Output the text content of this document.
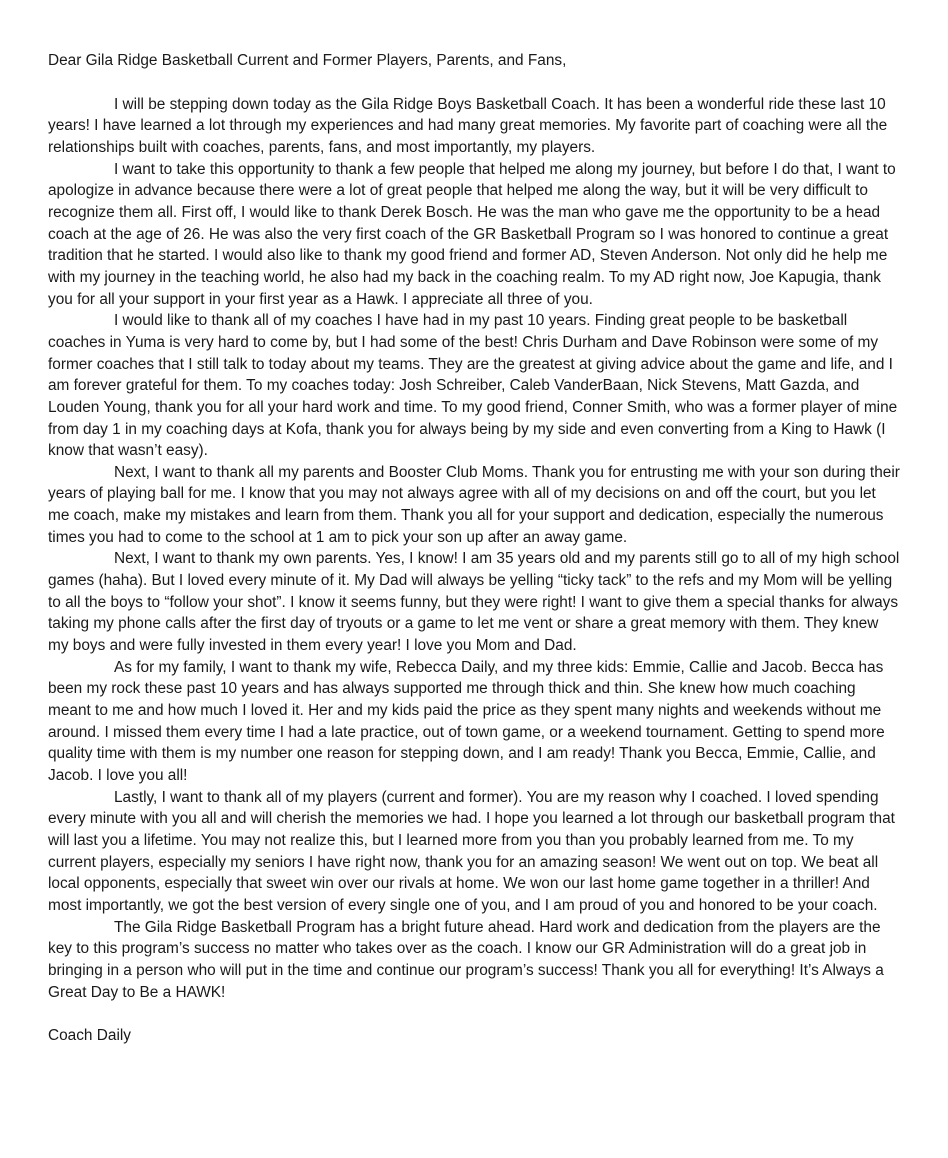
Dear Gila Ridge Basketball Current and Former Players, Parents, and Fans,

I will be stepping down today as the Gila Ridge Boys Basketball Coach. It has been a wonderful ride these last 10 years! I have learned a lot through my experiences and had many great memories. My favorite part of coaching were all the relationships built with coaches, parents, fans, and most importantly, my players.

I want to take this opportunity to thank a few people that helped me along my journey, but before I do that, I want to apologize in advance because there were a lot of great people that helped me along the way, but it will be very difficult to recognize them all. First off, I would like to thank Derek Bosch. He was the man who gave me the opportunity to be a head coach at the age of 26. He was also the very first coach of the GR Basketball Program so I was honored to continue a great tradition that he started. I would also like to thank my good friend and former AD, Steven Anderson. Not only did he help me with my journey in the teaching world, he also had my back in the coaching realm. To my AD right now, Joe Kapugia, thank you for all your support in your first year as a Hawk. I appreciate all three of you.

I would like to thank all of my coaches I have had in my past 10 years. Finding great people to be basketball coaches in Yuma is very hard to come by, but I had some of the best! Chris Durham and Dave Robinson were some of my former coaches that I still talk to today about my teams. They are the greatest at giving advice about the game and life, and I am forever grateful for them. To my coaches today: Josh Schreiber, Caleb VanderBaan, Nick Stevens, Matt Gazda, and Louden Young, thank you for all your hard work and time. To my good friend, Conner Smith, who was a former player of mine from day 1 in my coaching days at Kofa, thank you for always being by my side and even converting from a King to Hawk (I know that wasn’t easy).

Next, I want to thank all my parents and Booster Club Moms. Thank you for entrusting me with your son during their years of playing ball for me. I know that you may not always agree with all of my decisions on and off the court, but you let me coach, make my mistakes and learn from them. Thank you all for your support and dedication, especially the numerous times you had to come to the school at 1 am to pick your son up after an away game.

Next, I want to thank my own parents. Yes, I know! I am 35 years old and my parents still go to all of my high school games (haha). But I loved every minute of it. My Dad will always be yelling “ticky tack” to the refs and my Mom will be yelling to all the boys to “follow your shot”. I know it seems funny, but they were right! I want to give them a special thanks for always taking my phone calls after the first day of tryouts or a game to let me vent or share a great memory with them. They knew my boys and were fully invested in them every year! I love you Mom and Dad.

As for my family, I want to thank my wife, Rebecca Daily, and my three kids: Emmie, Callie and Jacob. Becca has been my rock these past 10 years and has always supported me through thick and thin. She knew how much coaching meant to me and how much I loved it. Her and my kids paid the price as they spent many nights and weekends without me around. I missed them every time I had a late practice, out of town game, or a weekend tournament. Getting to spend more quality time with them is my number one reason for stepping down, and I am ready! Thank you Becca, Emmie, Callie, and Jacob. I love you all!

Lastly, I want to thank all of my players (current and former). You are my reason why I coached. I loved spending every minute with you all and will cherish the memories we had. I hope you learned a lot through our basketball program that will last you a lifetime. You may not realize this, but I learned more from you than you probably learned from me. To my current players, especially my seniors I have right now, thank you for an amazing season! We went out on top. We beat all local opponents, especially that sweet win over our rivals at home. We won our last home game together in a thriller! And most importantly, we got the best version of every single one of you, and I am proud of you and honored to be your coach.

The Gila Ridge Basketball Program has a bright future ahead. Hard work and dedication from the players are the key to this program’s success no matter who takes over as the coach. I know our GR Administration will do a great job in bringing in a person who will put in the time and continue our program’s success! Thank you all for everything! It’s Always a Great Day to Be a HAWK!

Coach Daily
